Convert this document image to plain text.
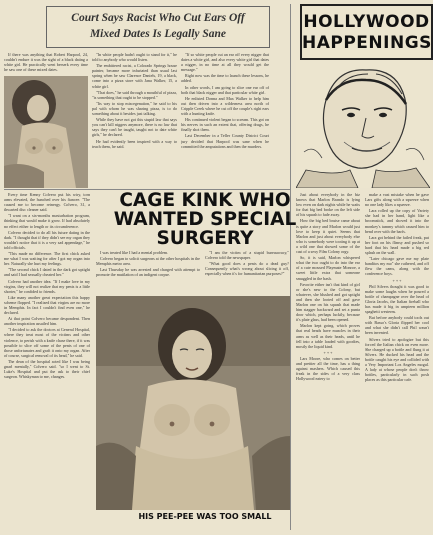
Court Says Racist Who Cut Ears Off
Mixed Dates Is Legally Sane

If there was anything that Robert Harpool, 24, couldn't endure it was the sight of a black dating a white girl. He practically went berserk every time he saw one of these mixed dates.

"In white people hadn't ought to stand for it," he told to anybody who would listen.

The embittered racist, a Colorado Springs house painter, became more infuriated than usual last spring when he saw Clarence Daniels, 19, a black, come into a pizza store with Jana Walker, 15, a white girl.

"That does," he said through a mouthful of pizza, "is something that ought to be stopped."

"Its way to stop miscegenation," he said to his pal with whom he was sharing pizza, is to do something about it besides just talking.

While they have not got this stupid law that says you can't kill niggers anymore, there is no law that says they can't be taught, taught not to date white girls," he declared.

He had evidently been inspired with a way to teach them, he said.

"If so white people cut an ear off every nigger that dates a white girl, and also every white girl that dates a nigger, in no time at all they would get the message."

Right now was the time to launch these lessons, he added.

In other words, I am going to slice one ear off of both that black nigger and that particular white girl.

He enlisted Donna and Max Walker to help him out then driven into a wilderness area north of Cripple Creek where he cut off the couple's right ears with a hunting knife.

His continued violent began to scream. This got on his nerves in such an extent that, offering drugs, he finally shot them.

Last December in a Teller County District Court jury decided that Harpool was sane when he committed the amputations and then the murders.

HOLLYWOOD
HAPPENINGS

Every time Kenny Colvero put his wiry, torn arms elevated, the hunched over his fiancee. "The caused me to become reinergy. Colvero, 31, a thwarted disc cleaner said.

"I want on a six-months masturbation program, thinking that would make it grow. If had absolutely no effect either to length or its circumference.

Colvero decided to do all his future dating in the dark. "I thought that if they didn't see my organ they wouldn't notice that it is a very sad appendage," he told officials.

"This made no difference. The first chick asked me what I was waiting for after I got my organ into her. Naturally she hurt my feelings.

"The second chick I dated in the dark got uptight and said I had sexually cheated her."

Colvero had another idea. "If I make love in my virgins, they will not realize that my penis is a little shorter," he confided to friends.

Like many another great expectation this happy scheme flopped. "I realized that virgins are no more in Memphis. In fact I couldn't find even one," he declared.

At that point Colvero became despondent. Then another inspiration assailed him.

"I decided to ask the doctors at General Hospital, where they treat most of the victims and other violence, to perish with a knife chase there, if it was possible to slice off some of the penis of one of those unfortunates and graft it onto my organ. After of course, surgical removal of its head," he said.

The dean of the hospital acted like I was being gnarl mentally," Colvero said. "so I went to St. Luke's Hospital and put the ask to their chief surgeon. Whiskyman to me, changes.

CAGE KINK WHO
WANTED SPECIAL
SURGERY

I was treated like I had a mental problem.

Colvero began to solicit surgeons at the other hospitals in the Memphis metro area.

Last Thursday he was arrested and charged with attempt to promote the mutilation of an indigent corpse.

"I am the victim of a stupid bureaucracy," Colvero told the newspaper.

"What good does a penis do a dead guy? Consequently what's wrong about slicing it off, especially when it's for humanitarian purposes?"

HIS PEE-PEE WAS TOO SMALL

Just about everybody in the biz knows that Marlon Brando is lying low even on dark nights while he waits for that big bed broke on the left side of his squash to fade away.

How the big bed bruise came about is quite a story and Marlon would just love to keep it quiet. Seems that Marlon and just about everybody else who is somebody were tooting it up at a wild one that showed some of the cast of a sexy Film Colony orgy.

So, it is said, Marlon whispered what the two ought to do into the ear of a cute moused Playmate Monroe, a sweet little extra that someone smuggled in the bash.

Favorite either isn't that kind of girl or she's new to the Colony, but whatever, she blushed and got uptight and then she looted off and gave Marlon one on his squash that made him stagger backward and set a punta door which, perhaps luckily, because it's plate glass, had been opened.

Marlon kept going, which proves that real heads have muscles in their arms as well as their heads, until he fell into a table loaded with goodies, mostly the liquid kind.

+ + +

Lars Moore, who comes on better and prettier all the time, has a thing against mashers. Which caused this freak in the sides of a very class Hollywood eatery to

make a vast mistake when he gave Lars gifts along with a squeeze when no one lady likes a squeeze.

Lara rolled up the copy of Variety she had in her hand, light like a broomstick, and shoved it into the monkey's tummy which caused him to bend over with the barfs.

Lara got behind the failed freak, put her foot on his flimsy and pushed so hard that his head made a big red splash on the wall.

"Later chicago gave me my plate banditos my mo" she ruthered, and off flew the cams, along with the conference boys.

+ + +

Phil Silvers thought it was good to make some laughs when he poured a bottle of champagne over the head of Gloria Jacobs, the Italian fireball who has made it big in umpteen million spaghetti westerns.

But before anybody could tools out with Basso's Gloria flipped her cool and what she didn't call Phil wasn't been invented.

Silvers tried to apologize but this forced the Italian chick on even more. She charged up a bottle and flung it at Silvers. He ducked his head and the bottle caught his eye and collided with a Very Important Los Angeles mogul. A lady at whose people don't throw bottles, particularly in such posh places as this particular cafe.
